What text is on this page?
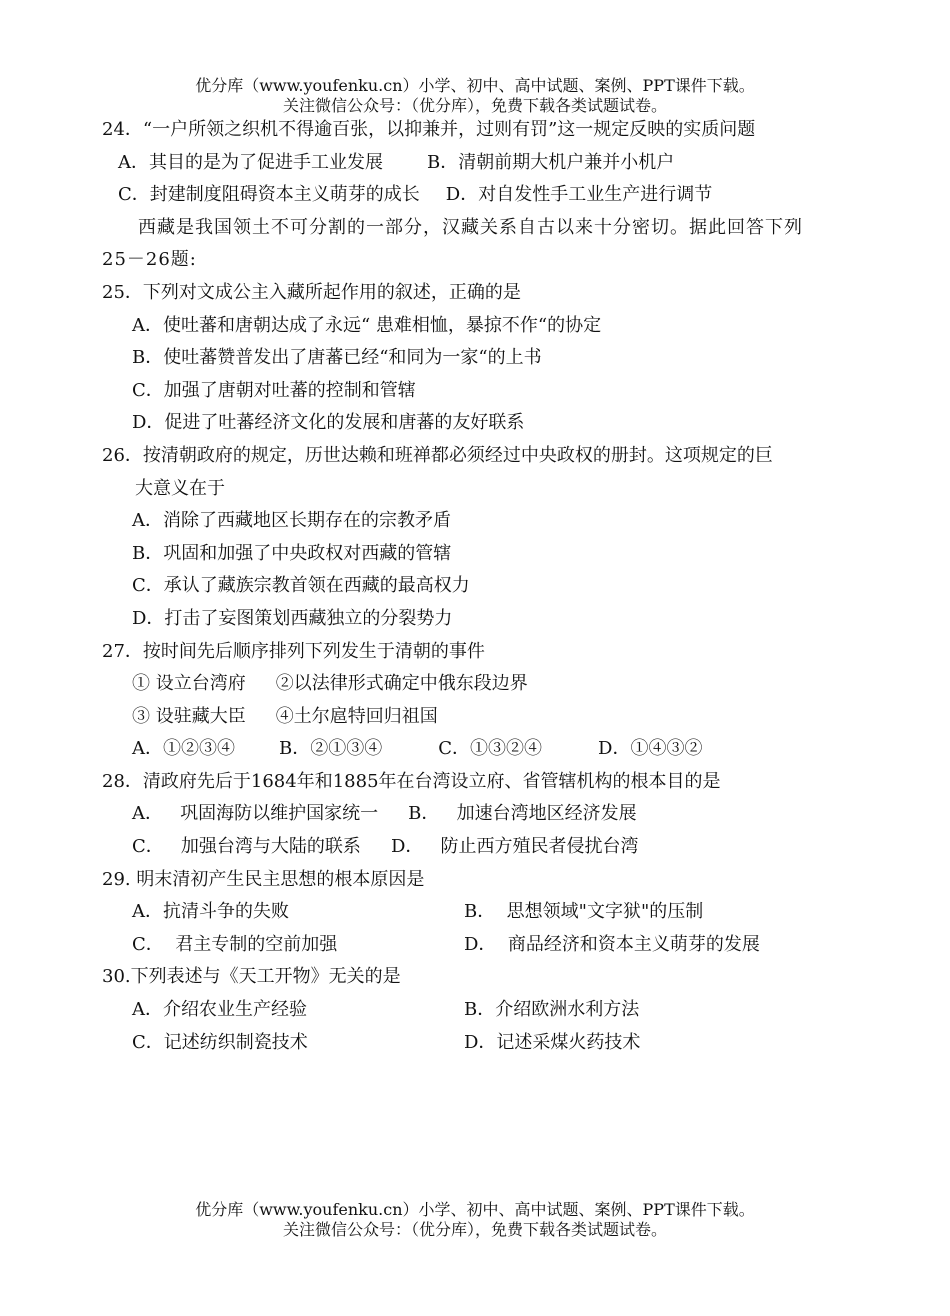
优分库（www.youfenku.cn）小学、初中、高中试题、案例、PPT课件下载。
关注微信公众号：（优分库），免费下载各类试题试卷。
24．“一户所领之织机不得逾百张，以抑兼并，过则有罚”这一规定反映的实质问题
A．其目的是为了促进手工业发展 B．清朝前期大机户兼并小机户
C．封建制度阻碍资本主义萌芽的成长 D．对自发性手工业生产进行调节
西藏是我国领土不可分割的一部分，汉藏关系自古以来十分密切。据此回答下列
25－26题:
25．下列对文成公主入藏所起作用的叙述，正确的是
A．使吐蕃和唐朝达成了永远“ 患难相恤，暴掠不作“的协定
B．使吐蕃赞普发出了唐蕃已经“和同为一家“的上书
C．加强了唐朝对吐蕃的控制和管辖
D．促进了吐蕃经济文化的发展和唐蕃的友好联系
26．按清朝政府的规定，历世达赖和班禅都必须经过中央政权的册封。这项规定的巨
大意义在于
A．消除了西藏地区长期存在的宗教矛盾
B．巩固和加强了中央政权对西藏的管辖
C．承认了藏族宗教首领在西藏的最高权力
D．打击了妄图策划西藏独立的分裂势力
27．按时间先后顺序排列下列发生于清朝的事件
① 设立台湾府 ②以法律形式确定中俄东段边界
③ 设驻藏大臣 ④土尔扈特回归祖国
A．①②③④ B．②①③④	C．①③②④	D．①④③②
28．清政府先后于1684年和1885年在台湾设立府、省管辖机构的根本目的是
A．   巩固海防以维护国家统一 B．   加速台湾地区经济发展
C．   加强台湾与大陆的联系 D．   防止西方殖民者侵扰台湾
29. 明末清初产生民主思想的根本原因是
A．抗清斗争的失败	B．  思想领域"文字狱"的压制
C．  君主专制的空前加强	D．  商品经济和资本主义萌芽的发展
30.下列表述与《天工开物》无关的是
A．介绍农业生产经验	B．介绍欧洲水利方法
C．记述纺织制瓷技术	D．记述采煤火药技术
优分库（www.youfenku.cn）小学、初中、高中试题、案例、PPT课件下载。
关注微信公众号：（优分库），免费下载各类试题试卷。
